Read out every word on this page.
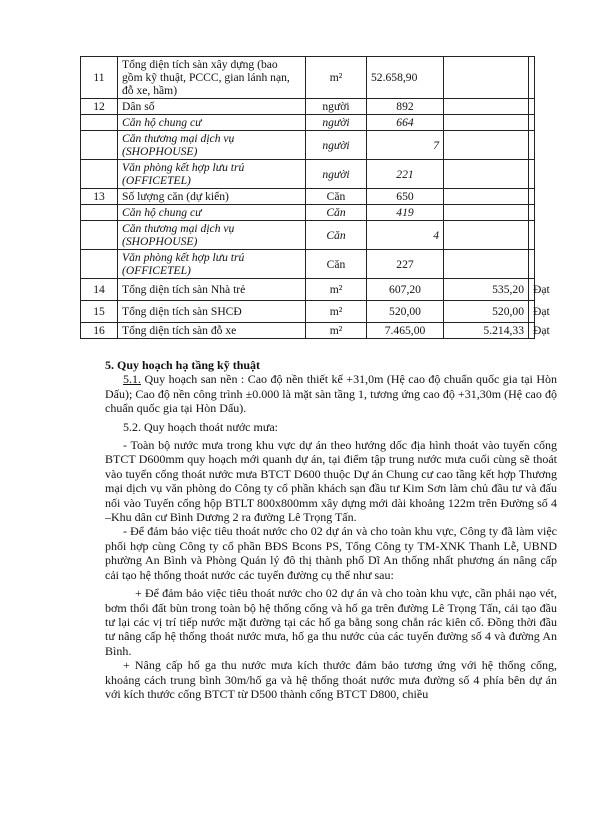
11	Tổng diện tích sàn xây dựng (bao gồm kỹ thuật, PCCC, gian lánh nạn, đỗ xe, hầm)	m²	52.658,90		
12	Dân số	người	892		
	Căn hộ chung cư	người	664		
	Căn thương mại dịch vụ (SHOPHOUSE)	người	7		
	Văn phòng kết hợp lưu trú (OFFICETEL)	người	221		
13	Số lượng căn (dự kiến)	Căn	650		
	Căn hộ chung cư	Căn	419		
	Căn thương mại dịch vụ (SHOPHOUSE)	Căn	4		
	Văn phòng kết hợp lưu trú (OFFICETEL)	Căn	227		
14	Tổng diện tích sàn Nhà trẻ	m²	607,20	535,20	Đạt
15	Tổng diện tích sàn SHCĐ	m²	520,00	520,00	Đạt
16	Tổng diện tích sàn đỗ xe	m²	7.465,00	5.214,33	Đạt

5. Quy hoạch hạ tầng kỹ thuật

5.1. Quy hoạch san nền : Cao độ nền thiết kế +31,0m (Hệ cao độ chuẩn quốc gia tại Hòn Dấu); Cao độ nền công trình ±0.000 là mặt sàn tầng 1, tương ứng cao độ +31,30m (Hệ cao độ chuẩn quốc gia tại Hòn Dấu).

5.2. Quy hoạch thoát nước mưa:

- Toàn bộ nước mưa trong khu vực dự án theo hướng dốc địa hình thoát vào tuyến cống BTCT D600mm quy hoạch mới quanh dự án, tại điểm tập trung nước mưa cuối cùng sẽ thoát vào tuyến cống thoát nước mưa BTCT D600 thuộc Dự án Chung cư cao tầng kết hợp Thương mại dịch vụ văn phòng do Công ty cổ phần khách sạn đầu tư Kim Sơn làm chủ đầu tư và đấu nối vào Tuyến cống hộp BTLT 800x800mm xây dựng mới dài khoảng 122m trên Đường số 4 –Khu dân cư Bình Dương 2 ra đường Lê Trọng Tấn.

- Để đảm bảo việc tiêu thoát nước cho 02 dự án và cho toàn khu vực, Công ty đã làm việc phối hợp cùng Công ty cổ phần BĐS Bcons PS, Tổng Công ty TM-XNK Thanh Lễ, UBND phường An Bình và Phòng Quản lý đô thị thành phố Dĩ An thống nhất phương án nâng cấp cải tạo hệ thống thoát nước các tuyến đường cụ thể như sau:

+ Để đảm bảo việc tiêu thoát nước cho 02 dự án và cho toàn khu vực, cần phải nạo vét, bơm thổi đất bùn trong toàn bộ hệ thống cống và hố ga trên đường Lê Trọng Tấn, cải tạo đầu tư lại các vị trí tiếp nước mặt đường tại các hố ga bằng song chắn rác kiên cố. Đồng thời đầu tư nâng cấp hệ thống thoát nước mưa, hố ga thu nước của các tuyến đường số 4 và đường An Bình.

+ Nâng cấp hố ga thu nước mưa kích thước đảm bảo tương ứng với hệ thống cống, khoảng cách trung bình 30m/hố ga và hệ thống thoát nước mưa đường số 4 phía bên dự án với kích thước cống BTCT từ D500 thành cống BTCT D800, chiều
